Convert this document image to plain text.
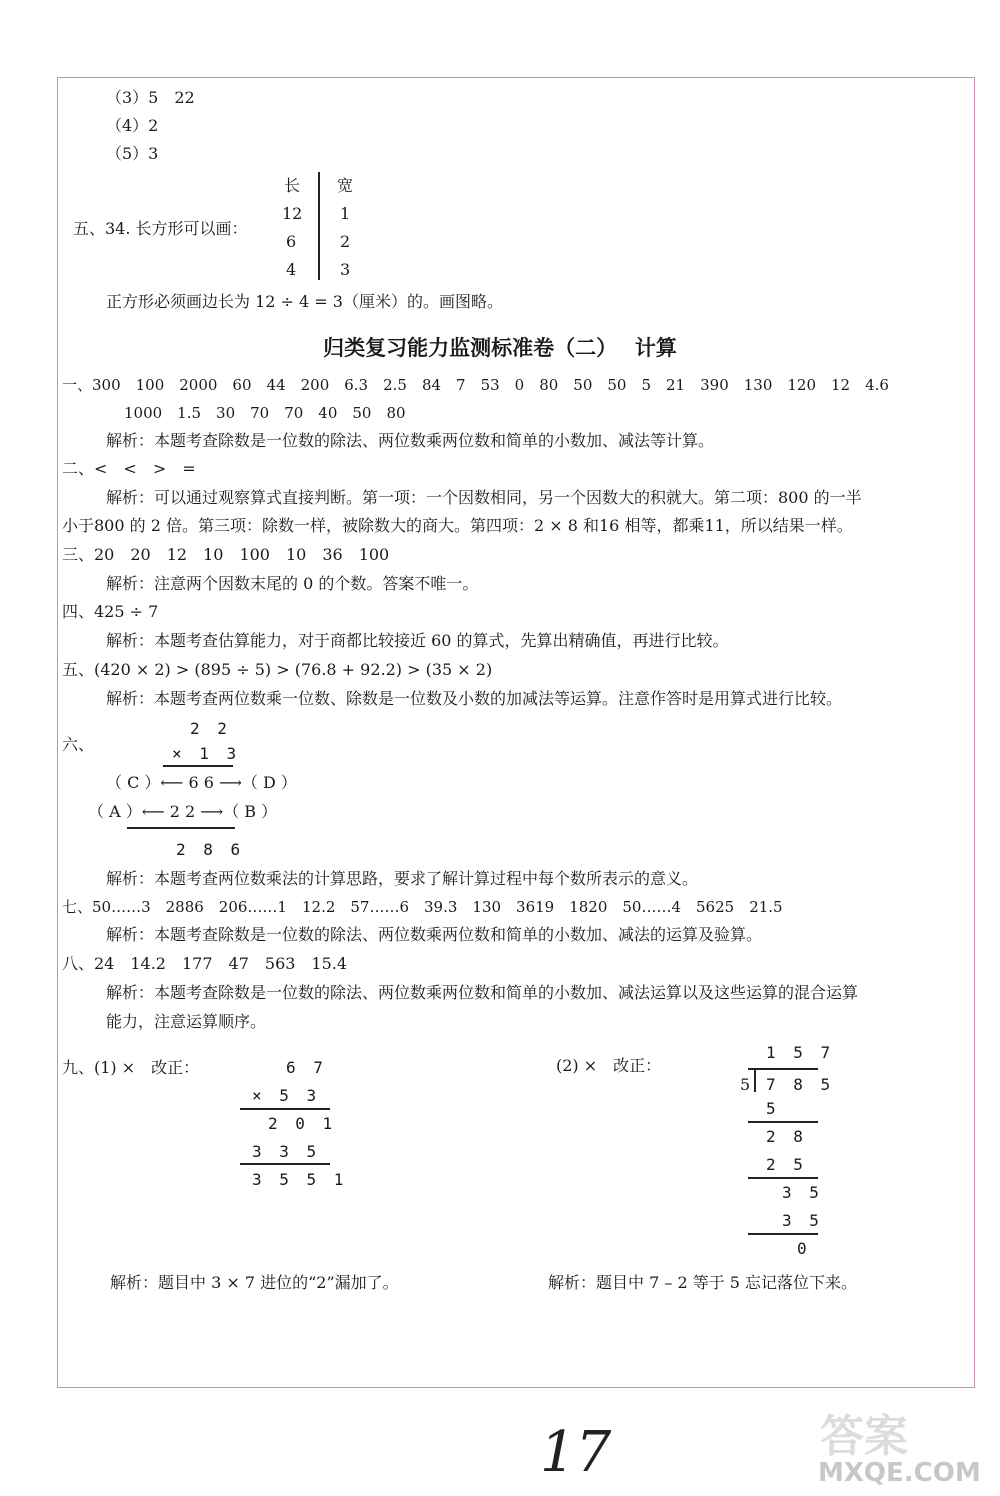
（3）5　22
（4）2
（5）3
五、34. 长方形可以画：
长 宽
12 1
6	2
4	3
正方形必须画边长为 12 ÷ 4 = 3（厘米）的。画图略。
归类复习能力监测标准卷（二）　 计算
一、300　100　2000　60　44　200　6.3　2.5　84　7　53　0　80　50　50　5　21　390　130　120　12　4.6
1000　1.5　30　70　70　40　50　80
解析：本题考查除数是一位数的除法、两位数乘两位数和简单的小数加、减法等计算。
二、<　<　>　=
解析：可以通过观察算式直接判断。第一项：一个因数相同，另一个因数大的积就大。第二项：800 的一半
小于800 的 2 倍。第三项：除数一样，被除数大的商大。第四项：2 × 8 和16 相等，都乘11，所以结果一样。
三、20　20　12　10　100　10　36　100
解析：注意两个因数末尾的 0 的个数。答案不唯一。
四、425 ÷ 7
解析：本题考查估算能力，对于商都比较接近 60 的算式，先算出精确值，再进行比较。
五、(420 × 2) > (895 ÷ 5) > (76.8 + 92.2) > (35 × 2)
解析：本题考查两位数乘一位数、除数是一位数及小数的加减法等运算。注意作答时是用算式进行比较。
六、
2 2
× 1 3
（ C ）⟵ 6 6 ⟶（ D ）
（ A ）⟵ 2 2 ⟶（ B ）
2 8 6
解析：本题考查两位数乘法的计算思路，要求了解计算过程中每个数所表示的意义。
七、50……3　2886　206……1　12.2　57……6　39.3　130　3619　1820　50……4　5625　21.5
解析：本题考查除数是一位数的除法、两位数乘两位数和简单的小数加、减法的运算及验算。
八、24　14.2　177　47　563　15.4
解析：本题考查除数是一位数的除法、两位数乘两位数和简单的小数加、减法运算以及这些运算的混合运算
能力，注意运算顺序。
九、(1) ×　改正：	6 7
× 5 3
2 0 1
3 3 5
3 5 5 1
解析：题目中 3 × 7 进位的“2”漏加了。
(2) ×　改正：
1 5 7
5 7 8 5
5
2 8
2 5
3 5
3 5
0
解析：题目中 7 – 2 等于 5 忘记落位下来。
17	答案
MXQE.COM
